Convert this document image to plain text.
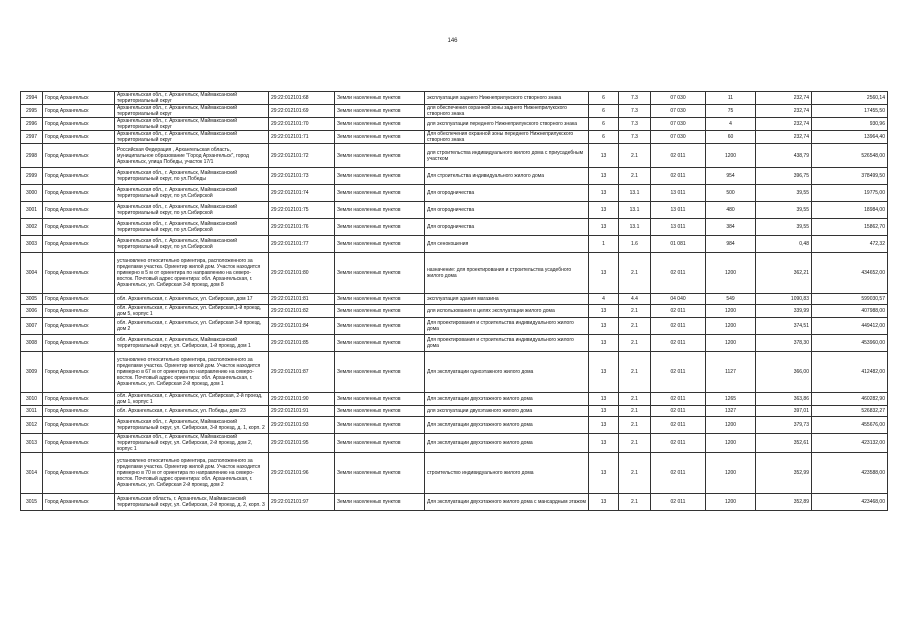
146
2994	Город Архангельск	Архангельская обл., г. Архангельск, Маймаксанский территориальный округ	29:22:012101:68	Земли населенных пунктов	эксплуатация заднего Нижнеприлукского створного знака	6	7.3	07 030	11	232,74	2560,14
2995	Город Архангельск	Архангельская обл., г. Архангельск, Маймаксанский территориальный округ	29:22:012101:69	Земли населенных пунктов	для обеспечения охранной зоны заднего Нижнеприлукского створного знака	6	7.3	07 030	75	232,74	17455,50
2996	Город Архангельск	Архангельская обл., г. Архангельск, Маймаксанский территориальный округ	29:22:012101:70	Земли населенных пунктов	для эксплуатации переднего Нижнеприлукского створного знака	6	7.3	07 030	4	232,74	930,96
2997	Город Архангельск	Архангельская обл., г. Архангельск, Маймаксанский территориальный округ	29:22:012101:71	Земли населенных пунктов	Для обеспечения охранной зоны переднего Нижнеприлукского створного знака	6	7.3	07 030	60	232,74	13964,40
2998	Город Архангельск	Российская Федерация , Архангельская область, муниципальное образование "Город Архангельск", город Архангельск, улица Победы, участок 17/1	29:22:012101:72	Земли населенных пунктов	для строительства индивидуального жилого дома с приусадебным участком	13	2.1	02 011	1200	438,79	526548,00
2999	Город Архангельск	Архангельская обл., г. Архангельск, Маймаксанский территориальный округ, по ул.Победы	29:22:012101:73	Земли населенных пунктов	Для строительства индивидуального жилого дома	13	2.1	02 011	954	396,75	378499,50
3000	Город Архангельск	Архангельская обл., г. Архангельск, Маймаксанский территориальный округ, по ул.Сибирской	29:22:012101:74	Земли населенных пунктов	Для огородничества	13	13.1	13 011	500	39,55	19775,00
3001	Город Архангельск	Архангельская обл., г. Архангельск, Маймаксанский территориальный округ, по ул.Сибирской	29:22:012101:75	Земли населенных пунктов	Для огородничества	13	13.1	13 011	480	39,55	18984,00
3002	Город Архангельск	Архангельская обл., г. Архангельск, Маймаксанский территориальный округ, по ул.Сибирской	29:22:012101:76	Земли населенных пунктов	Для огородничества	13	13.1	13 011	384	39,55	15862,70
3003	Город Архангельск	Архангельская обл., г. Архангельск, Маймаксанский территориальный округ, по ул.Сибирской	29:22:012101:77	Земли населенных пунктов	Для сенокошения	1	1.6	01 081	984	0,48	472,32
3004	Город Архангельск	установлено относительно ориентира, расположенного за пределами участка. Ориентир жилой дом. Участок находится примерно в 5 м от ориентира по направлению на северо-восток. Почтовый адрес ориентира: обл. Архангельская, г. Архангельск, ул. Сибирская 3-й проезд, дом 8	29:22:012101:80	Земли населенных пунктов	назначение: для проектирования и строительства усадебного жилого дома	13	2.1	02 011	1200	362,21	434652,00
3005	Город Архангельск	обл. Архангельская, г. Архангельск, ул. Сибирская, дом 17	29:22:012101:81	Земли населенных пунктов	эксплуатация здания магазина	4	4.4	04 040	549	1090,83	599030,57
3006	Город Архангельск	обл. Архангельская, г. Архангельск, ул. Сибирская,1-й проезд, дом 5, корпус 1	29:22:012101:82	Земли населенных пунктов	для использования в целях эксплуатации жилого дома	13	2.1	02 011	1200	339,99	407988,00
3007	Город Архангельск	обл. Архангельская, г. Архангельск, ул. Сибирская 3-й проезд, дом 2	29:22:012101:84	Земли населенных пунктов	Для проектирования и строительства индивидуального жилого дома	13	2.1	02 011	1200	374,51	449412,00
3008	Город Архангельск	обл. Архангельская, г. Архангельск, Маймаксанский территориальный округ, ул. Сибирская, 1-й проезд, дом 1	29:22:012101:85	Земли населенных пунктов	Для проектирования и строительства индивидуального жилого дома	13	2.1	02 011	1200	378,30	453960,00
3009	Город Архангельск	установлено относительно ориентира, расположенного за пределами участка. Ориентир жилой дом. Участок находится примерно в 67 м от ориентира по направлению на северо-восток. Почтовый адрес ориентира: обл. Архангельская, г. Архангельск, ул. Сибирская 2-й проезд, дом 1	29:22:012101:87	Земли населенных пунктов	Для эксплуатации одноэтажного жилого дома	13	2.1	02 011	1127	366,00	412482,00
3010	Город Архангельск	обл. Архангельская, г. Архангельск, ул. Сибирская, 2-й проезд, дом 1, корпус 1	29:22:012101:90	Земли населенных пунктов	Для эксплуатации двухэтажного жилого дома	13	2.1	02 011	1265	363,86	460282,90
3011	Город Архангельск	обл. Архангельская, г. Архангельск, ул. Победы, дом 23	29:22:012101:91	Земли населенных пунктов	для эксплуатации двухэтажного жилого дома	13	2.1	02 011	1327	397,01	526832,27
3012	Город Архангельск	Архангельская обл., г. Архангельск, Маймаксанский территориальный округ, ул. Сибирская, 3-й проезд, д. 1, корп. 2	29:22:012101:93	Земли населенных пунктов	Для эксплуатации двухэтажного жилого дома	13	2.1	02 011	1200	379,73	455676,00
3013	Город Архангельск	Архангельская обл., г. Архангельск, Маймаксанский территориальный округ, ул. Сибирская, 2-й проезд, дом 2, корпус 1	29:22:012101:95	Земли населенных пунктов	Для эксплуатации двухэтажного жилого дома	13	2.1	02 011	1200	352,61	423132,00
3014	Город Архангельск	установлено относительно ориентира, расположенного за пределами участка. Ориентир жилой дом. Участок находится примерно в 70 м от ориентира по направлению на северо-восток. Почтовый адрес ориентира: обл. Архангельская, г. Архангельск, ул. Сибирская 2-й проезд, дом 2	29:22:012101:96	Земли населенных пунктов	строительство индивидуального жилого дома	13	2.1	02 011	1200	352,99	423588,00
3015	Город Архангельск	Архангельская область, г. Архангельск, Маймаксанский территориальный округ, ул. Сибирская, 2-й проезд, д. 2, корп. 3	29:22:012101:97	Земли населенных пунктов	Для эксплуатации двухэтажного жилого дома с мансардным этажом	13	2.1	02 011	1200	352,89	423468,00
